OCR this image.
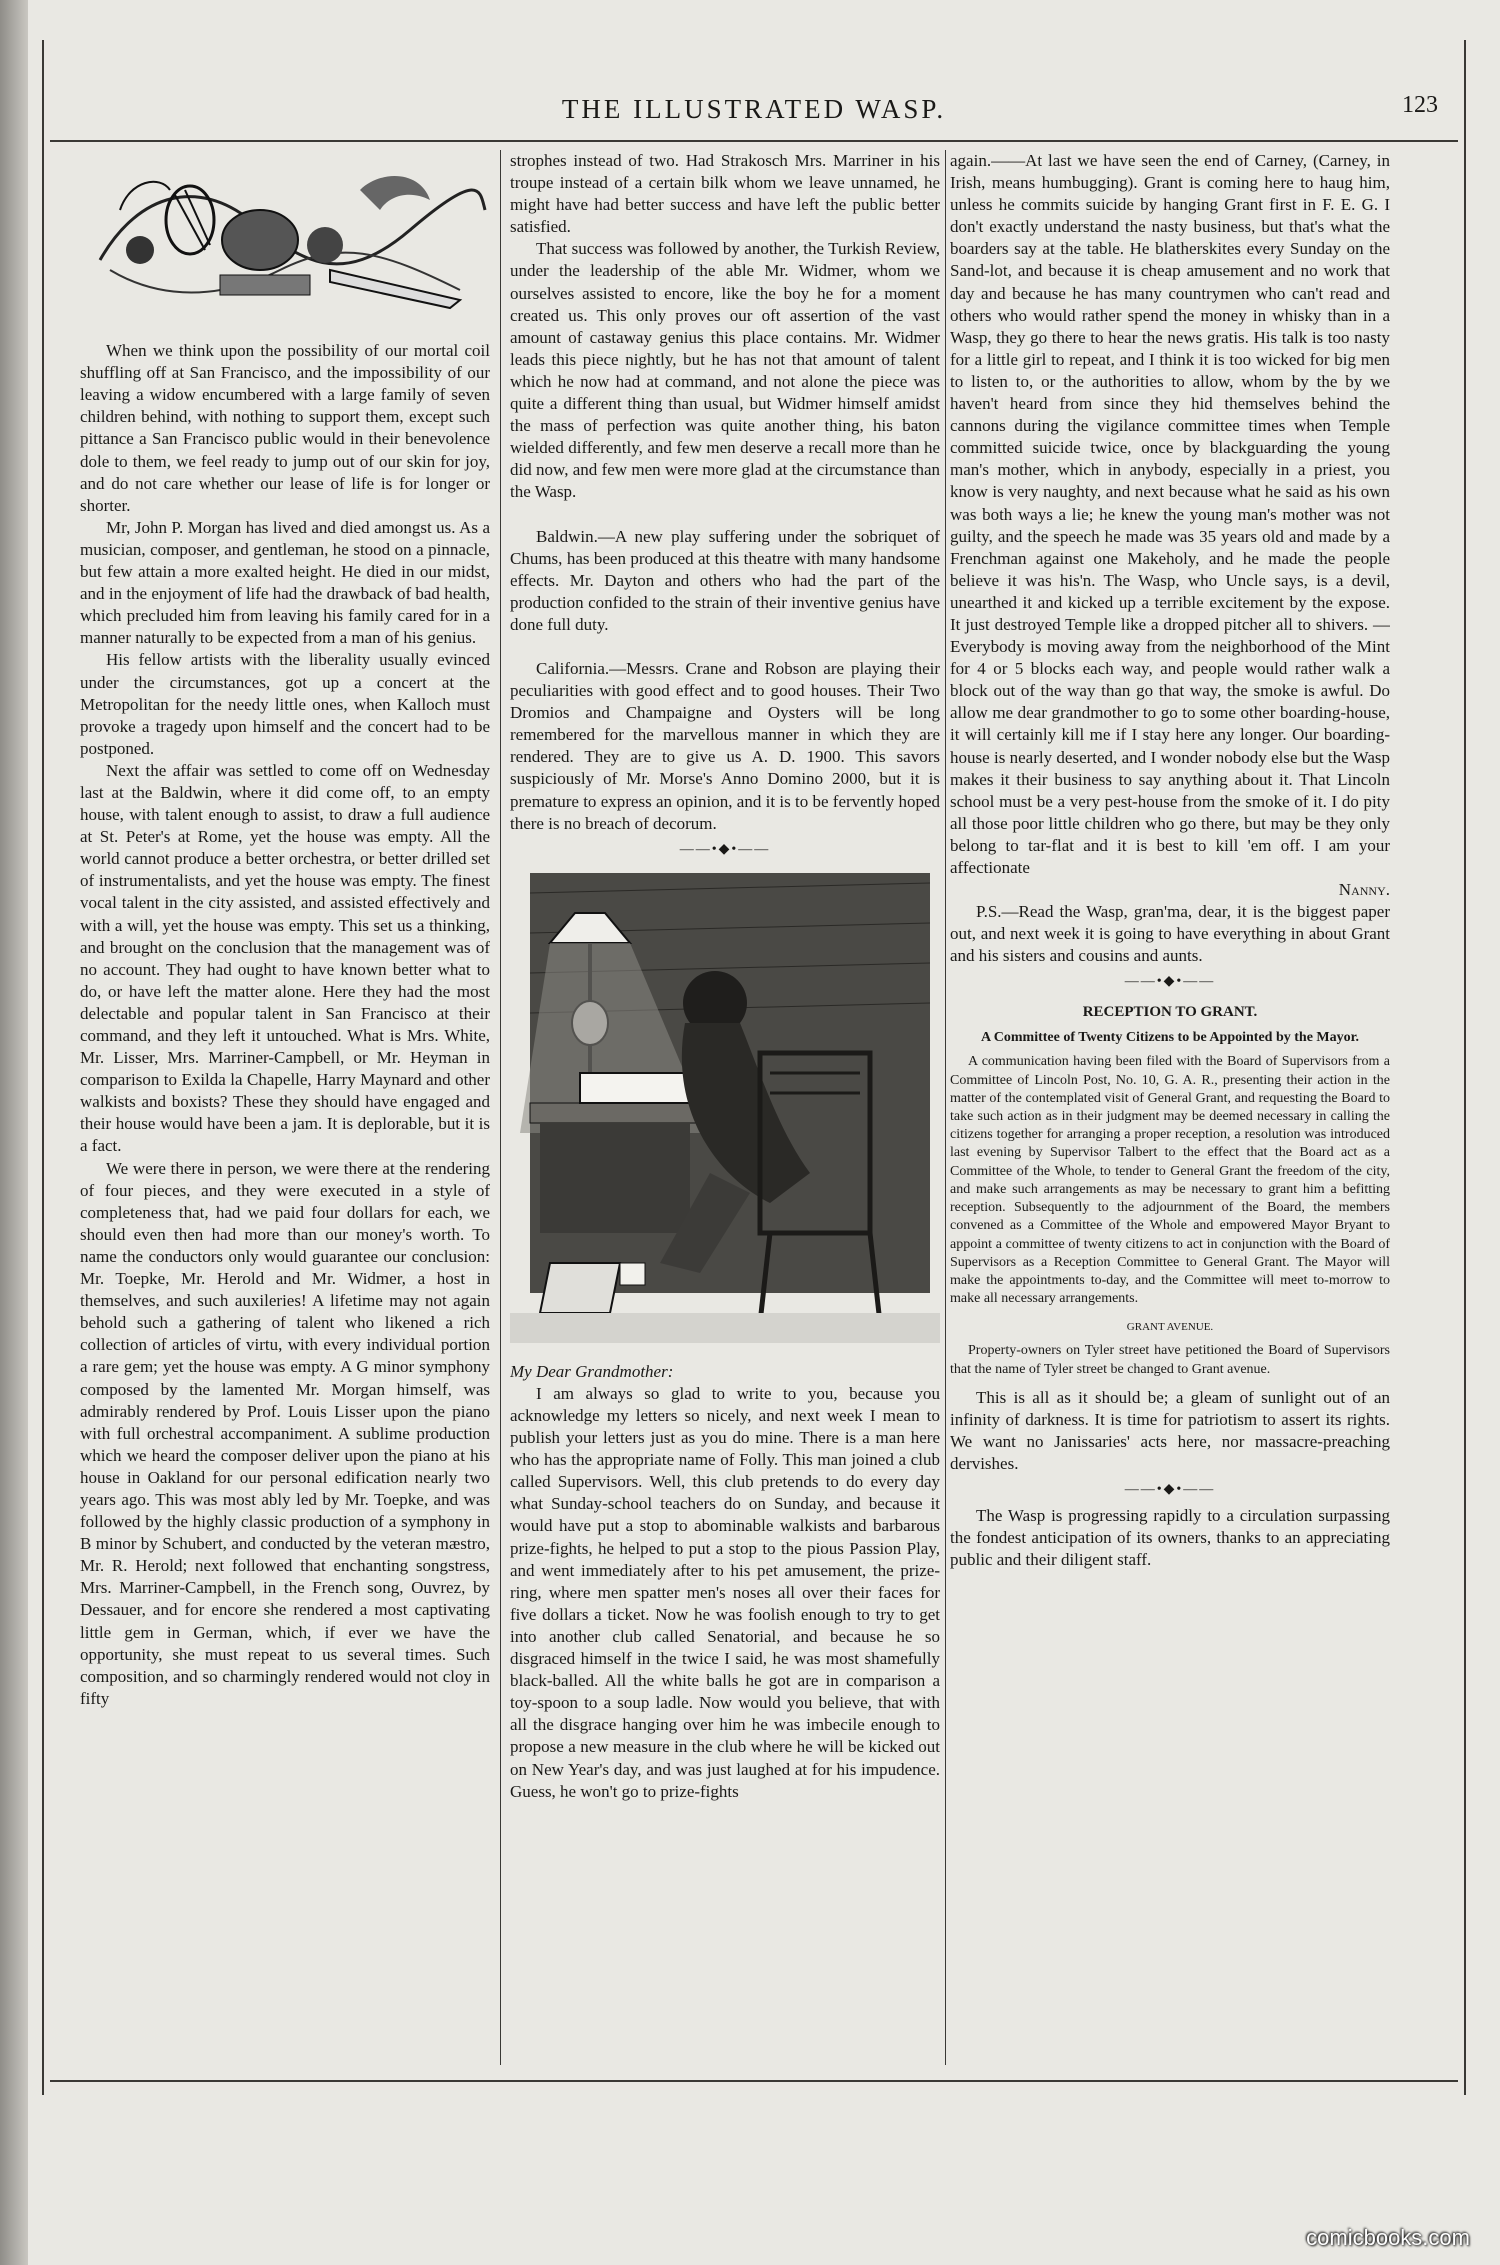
THE ILLUSTRATED WASP.	123

When we think upon the possibility of our mortal coil shuffling off at San Francisco, and the impossibility of our leaving a widow encumbered with a large family of seven children behind, with nothing to support them, except such pittance a San Francisco public would in their benevolence dole to them, we feel ready to jump out of our skin for joy, and do not care whether our lease of life is for longer or shorter.

Mr, John P. Morgan has lived and died amongst us. As a musician, composer, and gentleman, he stood on a pinnacle, but few attain a more exalted height. He died in our midst, and in the enjoyment of life had the drawback of bad health, which precluded him from leaving his family cared for in a manner naturally to be expected from a man of his genius.

His fellow artists with the liberality usually evinced under the circumstances, got up a concert at the Metropolitan for the needy little ones, when Kalloch must provoke a tragedy upon himself and the concert had to be postponed.

Next the affair was settled to come off on Wednesday last at the Baldwin, where it did come off, to an empty house, with talent enough to assist, to draw a full audience at St. Peter's at Rome, yet the house was empty. All the world cannot produce a better orchestra, or better drilled set of instrumentalists, and yet the house was empty. The finest vocal talent in the city assisted, and assisted effectively and with a will, yet the house was empty. This set us a thinking, and brought on the conclusion that the management was of no account. They had ought to have known better what to do, or have left the matter alone. Here they had the most delectable and popular talent in San Francisco at their command, and they left it untouched. What is Mrs. White, Mr. Lisser, Mrs. Marriner-Campbell, or Mr. Heyman in comparison to Exilda la Chapelle, Harry Maynard and other walkists and boxists? These they should have engaged and their house would have been a jam. It is deplorable, but it is a fact.

We were there in person, we were there at the rendering of four pieces, and they were executed in a style of completeness that, had we paid four dollars for each, we should even then had more than our money's worth. To name the conductors only would guarantee our conclusion: Mr. Toepke, Mr. Herold and Mr. Widmer, a host in themselves, and such auxileries! A lifetime may not again behold such a gathering of talent who likened a rich collection of articles of virtu, with every individual portion a rare gem; yet the house was empty. A G minor symphony composed by the lamented Mr. Morgan himself, was admirably rendered by Prof. Louis Lisser upon the piano with full orchestral accompaniment. A sublime production which we heard the composer deliver upon the piano at his house in Oakland for our personal edification nearly two years ago. This was most ably led by Mr. Toepke, and was followed by the highly classic production of a symphony in B minor by Schubert, and conducted by the veteran mæstro, Mr. R. Herold; next followed that enchanting songstress, Mrs. Marriner-Campbell, in the French song, Ouvrez, by Dessauer, and for encore she rendered a most captivating little gem in German, which, if ever we have the opportunity, she must repeat to us several times. Such composition, and so charmingly rendered would not cloy in fifty

strophes instead of two. Had Strakosch Mrs. Marriner in his troupe instead of a certain bilk whom we leave unnamed, he might have had better success and have left the public better satisfied.

That success was followed by another, the Turkish Review, under the leadership of the able Mr. Widmer, whom we ourselves assisted to encore, like the boy he for a moment created us. This only proves our oft assertion of the vast amount of castaway genius this place contains. Mr. Widmer leads this piece nightly, but he has not that amount of talent which he now had at command, and not alone the piece was quite a different thing than usual, but Widmer himself amidst the mass of perfection was quite another thing, his baton wielded differently, and few men deserve a recall more than he did now, and few men were more glad at the circumstance than the Wasp.

Baldwin.—A new play suffering under the sobriquet of Chums, has been produced at this theatre with many handsome effects. Mr. Dayton and others who had the part of the production confided to the strain of their inventive genius have done full duty.

California.—Messrs. Crane and Robson are playing their peculiarities with good effect and to good houses. Their Two Dromios and Champaigne and Oysters will be long remembered for the marvellous manner in which they are rendered. They are to give us A. D. 1900. This savors suspiciously of Mr. Morse's Anno Domino 2000, but it is premature to express an opinion, and it is to be fervently hoped there is no breach of decorum.

——•◆•——

My Dear Grandmother:

I am always so glad to write to you, because you acknowledge my letters so nicely, and next week I mean to publish your letters just as you do mine. There is a man here who has the appropriate name of Folly. This man joined a club called Supervisors. Well, this club pretends to do every day what Sunday-school teachers do on Sunday, and because it would have put a stop to abominable walkists and barbarous prize-fights, he helped to put a stop to the pious Passion Play, and went immediately after to his pet amusement, the prize-ring, where men spatter men's noses all over their faces for five dollars a ticket. Now he was foolish enough to try to get into another club called Senatorial, and because he so disgraced himself in the twice I said, he was most shamefully black-balled. All the white balls he got are in comparison a toy-spoon to a soup ladle. Now would you believe, that with all the disgrace hanging over him he was imbecile enough to propose a new measure in the club where he will be kicked out on New Year's day, and was just laughed at for his impudence. Guess, he won't go to prize-fights

again.——At last we have seen the end of Carney, (Carney, in Irish, means humbugging). Grant is coming here to haug him, unless he commits suicide by hanging Grant first in F. E. G. I don't exactly understand the nasty business, but that's what the boarders say at the table. He blatherskites every Sunday on the Sand-lot, and because it is cheap amusement and no work that day and because he has many countrymen who can't read and others who would rather spend the money in whisky than in a Wasp, they go there to hear the news gratis. His talk is too nasty for a little girl to repeat, and I think it is too wicked for big men to listen to, or the authorities to allow, whom by the by we haven't heard from since they hid themselves behind the cannons during the vigilance committee times when Temple committed suicide twice, once by blackguarding the young man's mother, which in anybody, especially in a priest, you know is very naughty, and next because what he said as his own was both ways a lie; he knew the young man's mother was not guilty, and the speech he made was 35 years old and made by a Frenchman against one Makeholy, and he made the people believe it was his'n. The Wasp, who Uncle says, is a devil, unearthed it and kicked up a terrible excitement by the expose. It just destroyed Temple like a dropped pitcher all to shivers. —Everybody is moving away from the neighborhood of the Mint for 4 or 5 blocks each way, and people would rather walk a block out of the way than go that way, the smoke is awful. Do allow me dear grandmother to go to some other boarding-house, it will certainly kill me if I stay here any longer. Our boarding-house is nearly deserted, and I wonder nobody else but the Wasp makes it their business to say anything about it. That Lincoln school must be a very pest-house from the smoke of it. I do pity all those poor little children who go there, but may be they only belong to tar-flat and it is best to kill 'em off. I am your affectionate

Nanny.

P.S.—Read the Wasp, gran'ma, dear, it is the biggest paper out, and next week it is going to have everything in about Grant and his sisters and cousins and aunts.

——•◆•——
RECEPTION TO GRANT.
A Committee of Twenty Citizens to be Appointed by the Mayor.

A communication having been filed with the Board of Supervisors from a Committee of Lincoln Post, No. 10, G. A. R., presenting their action in the matter of the contemplated visit of General Grant, and requesting the Board to take such action as in their judgment may be deemed necessary in calling the citizens together for arranging a proper reception, a resolution was introduced last evening by Supervisor Talbert to the effect that the Board act as a Committee of the Whole, to tender to General Grant the freedom of the city, and make such arrangements as may be necessary to grant him a befitting reception. Subsequently to the adjournment of the Board, the members convened as a Committee of the Whole and empowered Mayor Bryant to appoint a committee of twenty citizens to act in conjunction with the Board of Supervisors as a Reception Committee to General Grant. The Mayor will make the appointments to-day, and the Committee will meet to-morrow to make all necessary arrangements.

GRANT AVENUE.

Property-owners on Tyler street have petitioned the Board of Supervisors that the name of Tyler street be changed to Grant avenue.

This is all as it should be; a gleam of sunlight out of an infinity of darkness. It is time for patriotism to assert its rights. We want no Janissaries' acts here, nor massacre-preaching dervishes.

——•◆•——

The Wasp is progressing rapidly to a circulation surpassing the fondest anticipation of its owners, thanks to an appreciating public and their diligent staff.

comicbooks.com
